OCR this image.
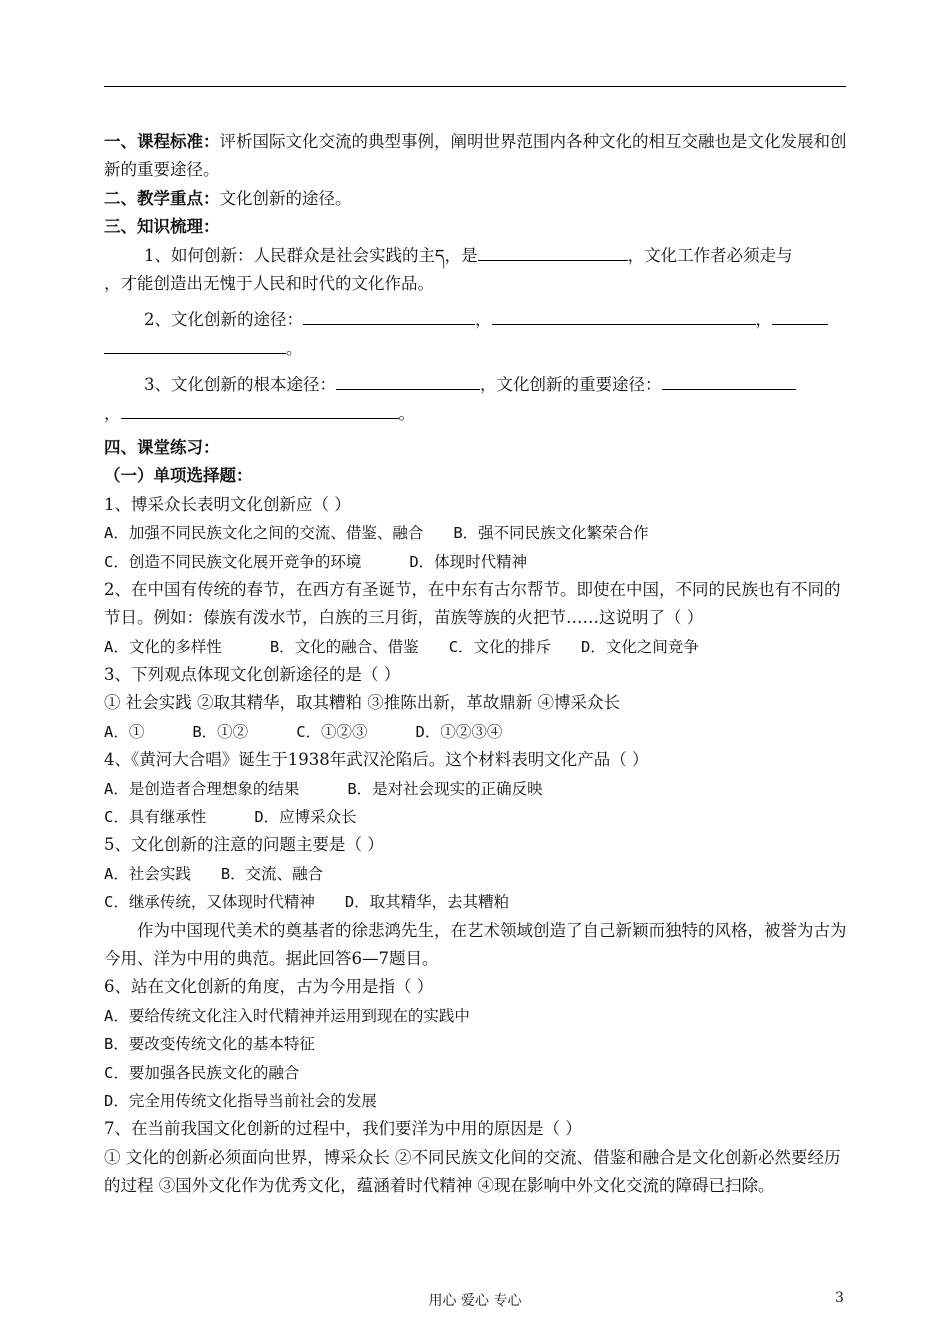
一、课程标准：评析国际文化交流的典型事例，阐明世界范围内各种文化的相互交融也是文化发展和创新的重要途径。
二、教学重点：文化创新的途径。
三、知识梳理：
1、如何创新：人民群众是社会实践的主ད，是	，文化工作者必须走与
，才能创造出无愧于人民和时代的文化作品。
2、文化创新的途径：	，	，
。
3、文化创新的根本途径：	，文化创新的重要途径：
，	。
四、课堂练习：
（一）单项选择题：
1、博采众长表明文化创新应（ ）
A．加强不同民族文化之间的交流、借鉴、融合 B．强不同民族文化繁荣合作
C．创造不同民族文化展开竞争的环境	D．体现时代精神
2、在中国有传统的春节，在西方有圣诞节，在中东有古尔帮节。即使在中国，不同的民族也有不同的节日。例如：傣族有泼水节，白族的三月街，苗族等族的火把节……这说明了（ ）
A．文化的多样性	B．文化的融合、借鉴 C．文化的排斥 D．文化之间竞争
3、下列观点体现文化创新途径的是（ ）
① 社会实践 ②取其精华，取其糟粕 ③推陈出新，革故鼎新 ④博采众长
A．①	B．①②	C．①②③	D．①②③④
4、《黄河大合唱》诞生于1938年武汉沦陷后。这个材料表明文化产品（ ）
A．是创造者合理想象的结果	B．是对社会现实的正确反映
C．具有继承性	D．应博采众长
5、文化创新的注意的问题主要是（ ）
A．社会实践 B．交流、融合
C．继承传统，又体现时代精神 D．取其精华，去其糟粕
作为中国现代美术的奠基者的徐悲鸿先生，在艺术领域创造了自己新颖而独特的风格，被誉为古为今用、洋为中用的典范。据此回答6—7题目。
6、站在文化创新的角度，古为今用是指（ ）
A．要给传统文化注入时代精神并运用到现在的实践中
B．要改变传统文化的基本特征
C．要加强各民族文化的融合
D．完全用传统文化指导当前社会的发展
7、在当前我国文化创新的过程中，我们要洋为中用的原因是（ ）
① 文化的创新必须面向世界，博采众长 ②不同民族文化间的交流、借鉴和融合是文化创新必然要经历的过程 ③国外文化作为优秀文化，蕴涵着时代精神 ④现在影响中外文化交流的障碍已扫除。
用心 爱心 专心	3
